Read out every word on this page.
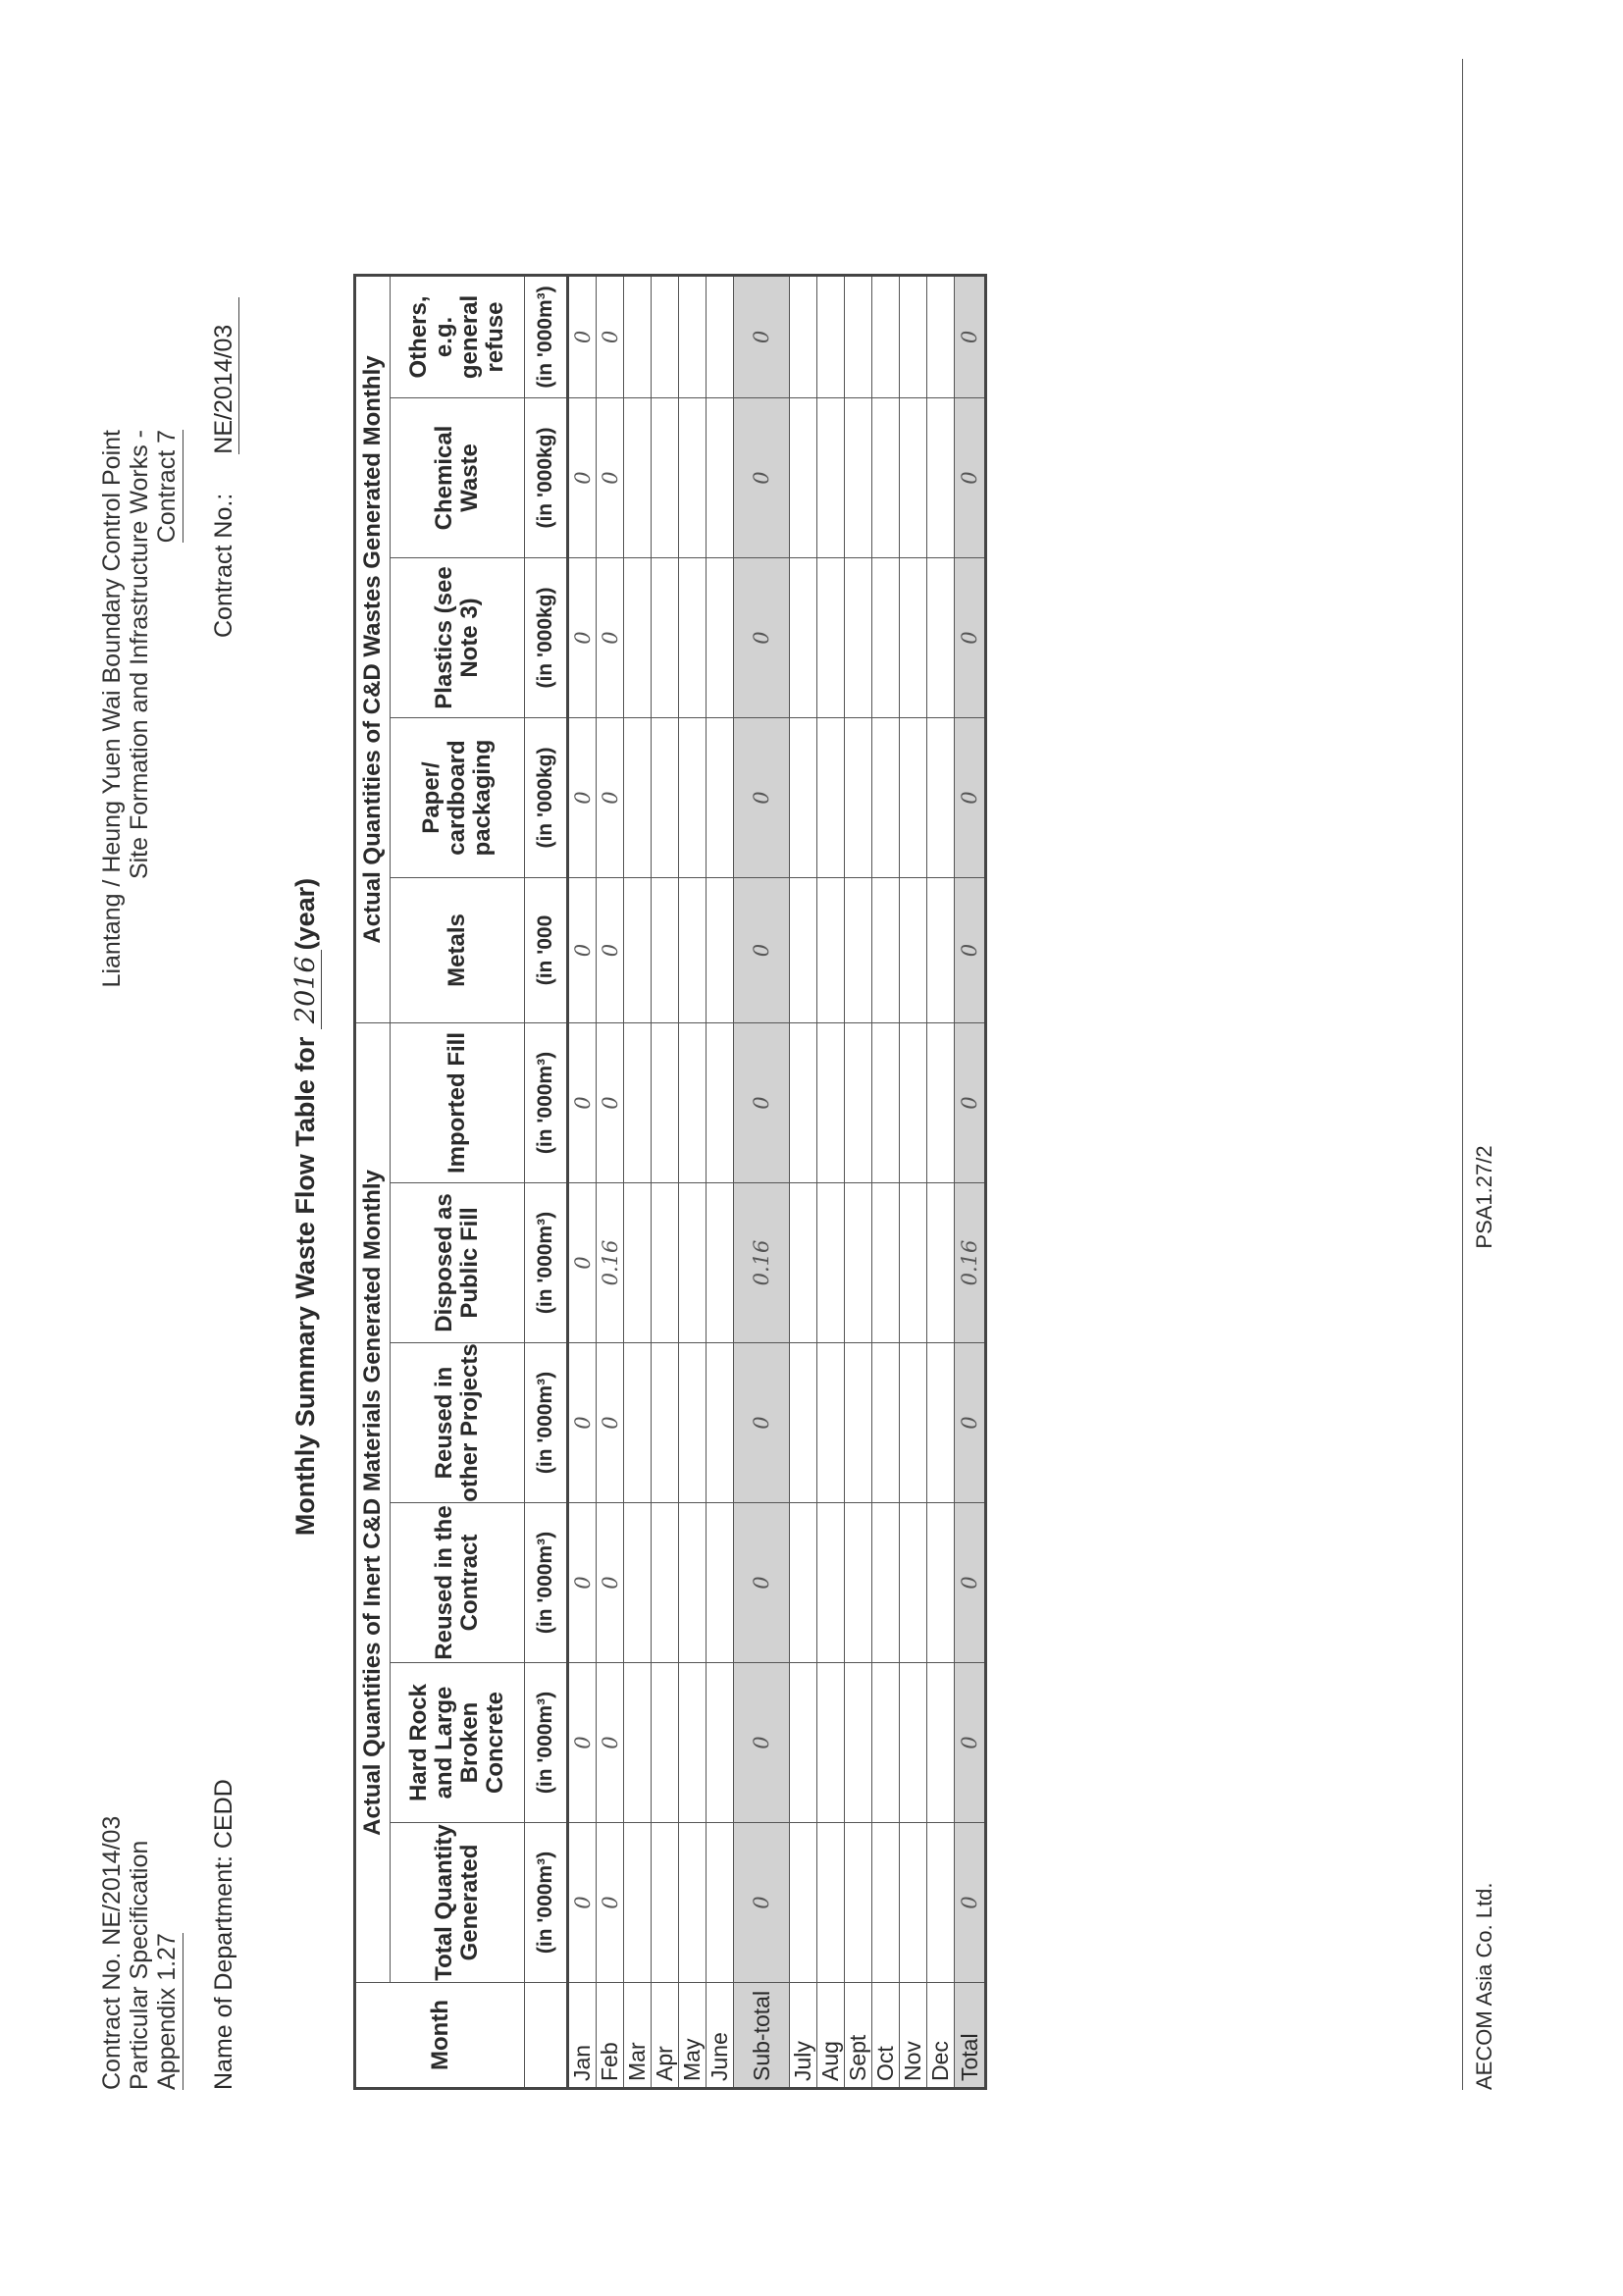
Contract No. NE/2014/03 Particular Specification Appendix 1.27
Liantang / Heung Yuen Wai Boundary Control Point Site Formation and Infrastructure Works - Contract 7
Name of Department: CEDD
Contract No.:NE/2014/03
Monthly Summary Waste Flow Table for 2016(year)
Month	Actual Quantities of Inert C&D Materials Generated Monthly						Actual Quantities of C&D Wastes Generated Monthly				
	Total Quantity Generated	Hard Rock and Large Broken Concrete	Reused in the Contract	Reused in other Projects	Disposed as Public Fill	Imported Fill	Metals	Paper/ cardboard packaging	Plastics (see Note 3)	Chemical Waste	Others, e.g. general refuse
	(in '000m³)	(in '000m³)	(in '000m³)	(in '000m³)	(in '000m³)	(in '000m³)	(in '000	(in '000kg)	(in '000kg)	(in '000kg)	(in '000m³)
Jan	0	0	0	0	0	0	0	0	0	0	0
Feb	0	0	0	0	0.16	0	0	0	0	0	0
Mar											
Apr											
May											
June											
Sub-total	0	0	0	0	0.16	0	0	0	0	0	0
July											
Aug											
Sept											
Oct											
Nov											
Dec											
Total	0	0	0	0	0.16	0	0	0	0	0	0
AECOM Asia Co. Ltd.
PSA1.27/2
